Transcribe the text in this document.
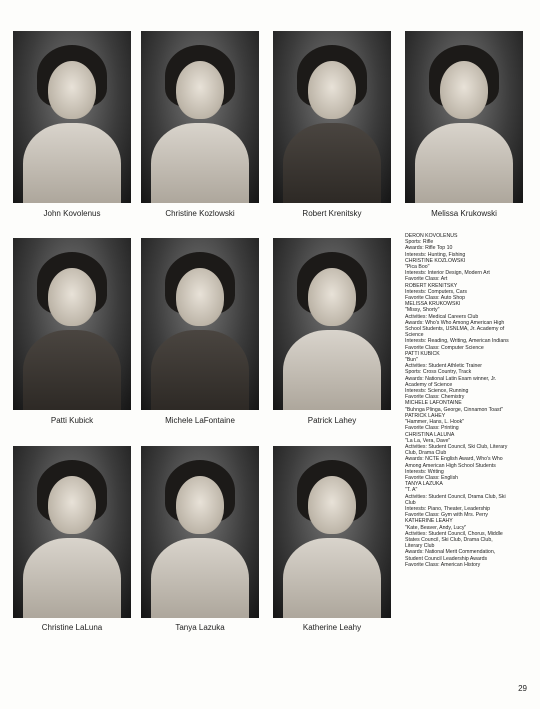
John Kovolenus	Christine Kozlowski	Robert Krenitsky	Melissa Krukowski
Patti Kubick	Michele LaFontaine	Patrick Lahey
Christine LaLuna	Tanya Lazuka	Katherine Leahy
DERON KOVOLENUS
Sports: Rifle
Awards: Rifle Top 10
Interests: Hunting, Fishing
CHRISTINE KOZLOWSKI
"Pica Boo"
Interests: Interior Design, Modern Art
Favorite Class: Art
ROBERT KRENITSKY
Interests: Computers, Cars
Favorite Class: Auto Shop
MELISSA KRUKOWSKI
"Missy, Shorty"
Activities: Medical Careers Club
Awards: Who's Who Among American High
School Students, USNLMA, Jr. Academy of
Science
Interests: Reading, Writing, American Indians
Favorite Class: Computer Science
PATTI KUBICK
"Bun"
Activities: Student Athletic Trainer
Sports: Cross Country, Track
Awards: National Latin Exam winner, Jr.
Academy of Science
Interests: Science, Running
Favorite Class: Chemistry
MICHELE LAFONTAINE
"Buhnga Plinga, George, Cinnamon Toast"
PATRICK LAHEY
"Hammer, Hans, L. Hook"
Favorite Class: Printing
CHRISTINA LALUNA
"La La, Vera, Dave"
Activities: Student Council, Ski Club, Literary
Club, Drama Club
Awards: NCTE English Award, Who's Who
Among American High School Students
Interests: Writing
Favorite Class: English
TANYA LAZUKA
"T. A"
Activities: Student Council, Drama Club, Ski
Club
Interests: Piano, Theater, Leadership
Favorite Class: Gym with Mrs. Perry
KATHERINE LEAHY
"Kate, Beaver, Andy, Lucy"
Activities: Student Council, Chorus, Middle
States Council, Ski Club, Drama Club,
Literary Club
Awards: National Merit Commendation,
Student Council Leadership Awards
Favorite Class: American History
29
